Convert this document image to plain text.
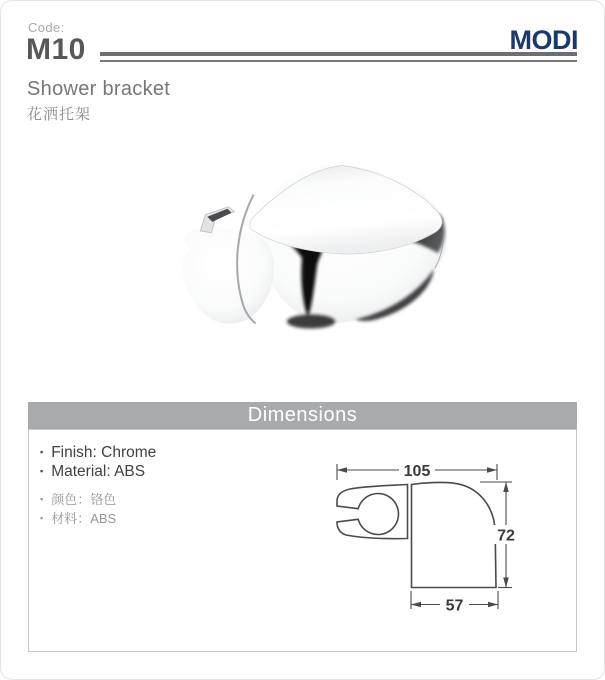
Code:
M10	MODI
Shower bracket
花洒托架
Dimensions
▪ Finish: Chrome
▪ Material: ABS
▪ 颜色：铬色
▪ 材料：ABS
105
72
57
